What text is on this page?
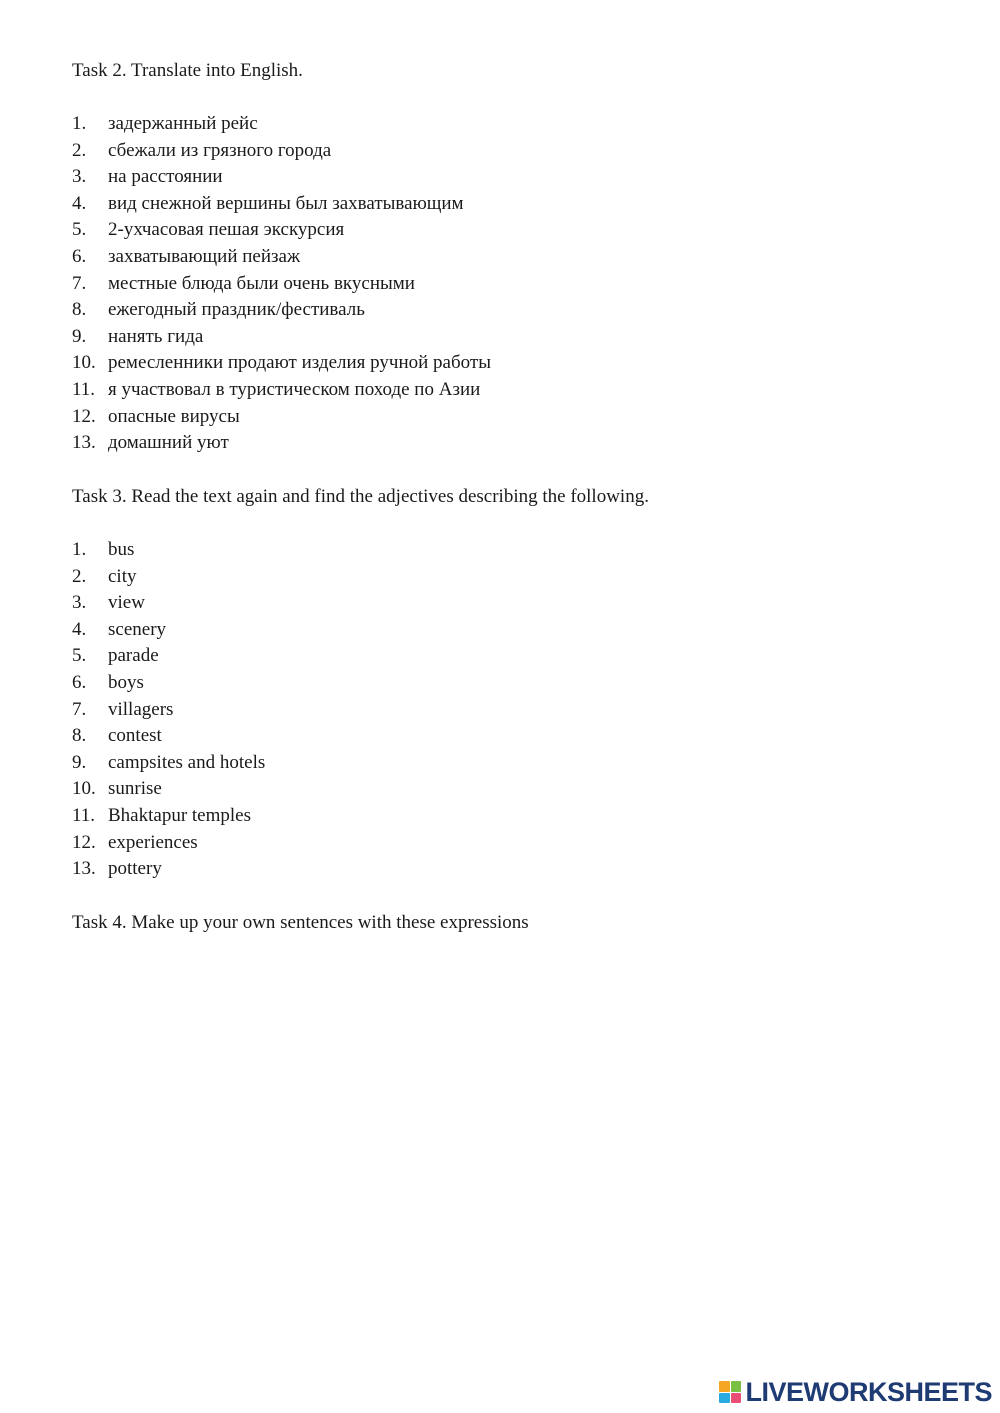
Task 2. Translate into English.
1. задержанный рейс
2. сбежали из грязного города
3. на расстоянии
4. вид снежной вершины был захватывающим
5. 2-ухчасовая пешая экскурсия
6. захватывающий пейзаж
7. местные блюда были очень вкусными
8. ежегодный праздник/фестиваль
9. нанять гида
10. ремесленники продают изделия ручной работы
11. я участвовал в туристическом походе по Азии
12. опасные вирусы
13. домашний уют
Task 3. Read the text again and find the adjectives describing the following.
1. bus
2. city
3. view
4. scenery
5. parade
6. boys
7. villagers
8. contest
9. campsites and hotels
10. sunrise
11. Bhaktapur temples
12. experiences
13. pottery
Task 4. Make up your own sentences with these expressions
LIVEWORKSHEETS
